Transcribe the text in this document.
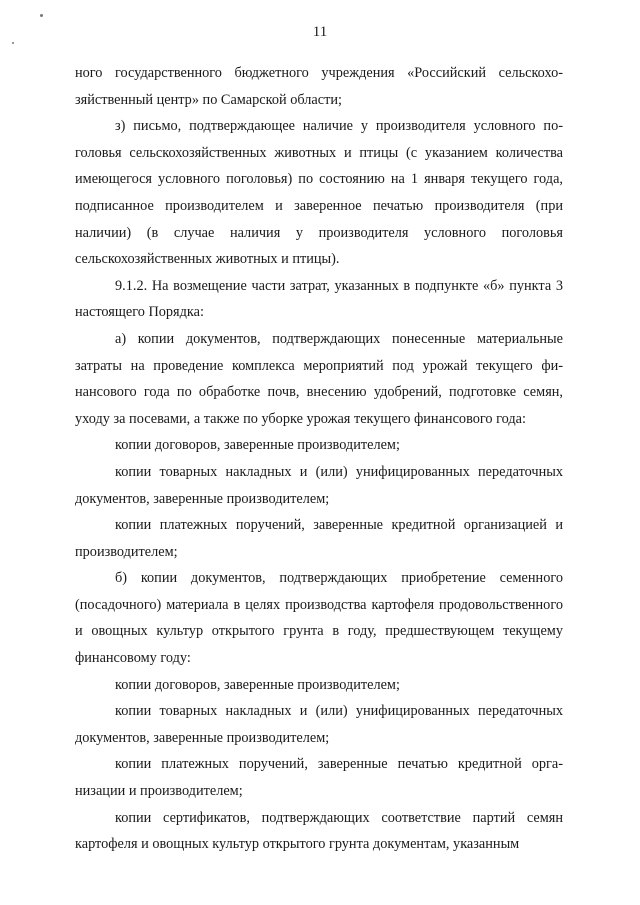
11

ного государственного бюджетного учреждения «Российский сельскохозяйственный центр» по Самарской области;

з) письмо, подтверждающее наличие у производителя условного поголовья сельскохозяйственных животных и птицы (с указанием количества имеющегося условного поголовья) по состоянию на 1 января текущего года, подписанное производителем и заверенное печатью производителя (при наличии) (в случае наличия у производителя условного поголовья сельскохозяйственных животных и птицы).

9.1.2. На возмещение части затрат, указанных в подпункте «б» пункта 3 настоящего Порядка:

а) копии документов, подтверждающих понесенные материальные затраты на проведение комплекса мероприятий под урожай текущего финансового года по обработке почв, внесению удобрений, подготовке семян, уходу за посевами, а также по уборке урожая текущего финансового года:

копии договоров, заверенные производителем;

копии товарных накладных и (или) унифицированных передаточных документов, заверенные производителем;

копии платежных поручений, заверенные кредитной организацией и производителем;

б) копии документов, подтверждающих приобретение семенного (посадочного) материала в целях производства картофеля продовольственного и овощных культур открытого грунта в году, предшествующем текущему финансовому году:

копии договоров, заверенные производителем;

копии товарных накладных и (или) унифицированных передаточных документов, заверенные производителем;

копии платежных поручений, заверенные печатью кредитной организации и производителем;

копии сертификатов, подтверждающих соответствие партий семян картофеля и овощных культур открытого грунта документам, указанным
